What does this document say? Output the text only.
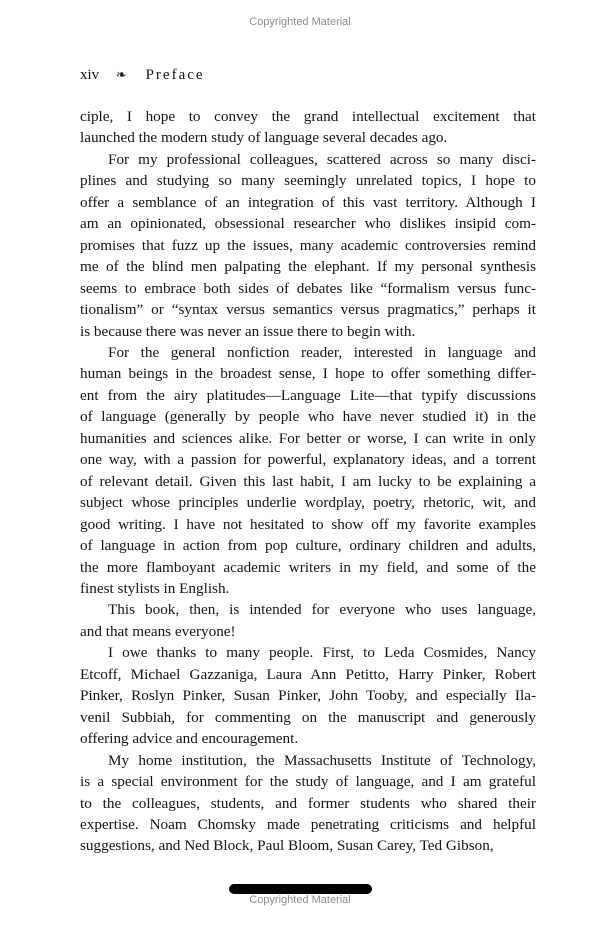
Copyrighted Material
xiv ❧ Preface
ciple, I hope to convey the grand intellectual excitement that
launched the modern study of language several decades ago.
For my professional colleagues, scattered across so many disci-
plines and studying so many seemingly unrelated topics, I hope to
offer a semblance of an integration of this vast territory. Although I
am an opinionated, obsessional researcher who dislikes insipid com-
promises that fuzz up the issues, many academic controversies remind
me of the blind men palpating the elephant. If my personal synthesis
seems to embrace both sides of debates like “formalism versus func-
tionalism” or “syntax versus semantics versus pragmatics,” perhaps it
is because there was never an issue there to begin with.
For the general nonfiction reader, interested in language and
human beings in the broadest sense, I hope to offer something differ-
ent from the airy platitudes—Language Lite—that typify discussions
of language (generally by people who have never studied it) in the
humanities and sciences alike. For better or worse, I can write in only
one way, with a passion for powerful, explanatory ideas, and a torrent
of relevant detail. Given this last habit, I am lucky to be explaining a
subject whose principles underlie wordplay, poetry, rhetoric, wit, and
good writing. I have not hesitated to show off my favorite examples
of language in action from pop culture, ordinary children and adults,
the more flamboyant academic writers in my field, and some of the
finest stylists in English.
This book, then, is intended for everyone who uses language,
and that means everyone!
I owe thanks to many people. First, to Leda Cosmides, Nancy
Etcoff, Michael Gazzaniga, Laura Ann Petitto, Harry Pinker, Robert
Pinker, Roslyn Pinker, Susan Pinker, John Tooby, and especially Ila-
venil Subbiah, for commenting on the manuscript and generously
offering advice and encouragement.
My home institution, the Massachusetts Institute of Technology,
is a special environment for the study of language, and I am grateful
to the colleagues, students, and former students who shared their
expertise. Noam Chomsky made penetrating criticisms and helpful
suggestions, and Ned Block, Paul Bloom, Susan Carey, Ted Gibson,
Copyrighted Material
